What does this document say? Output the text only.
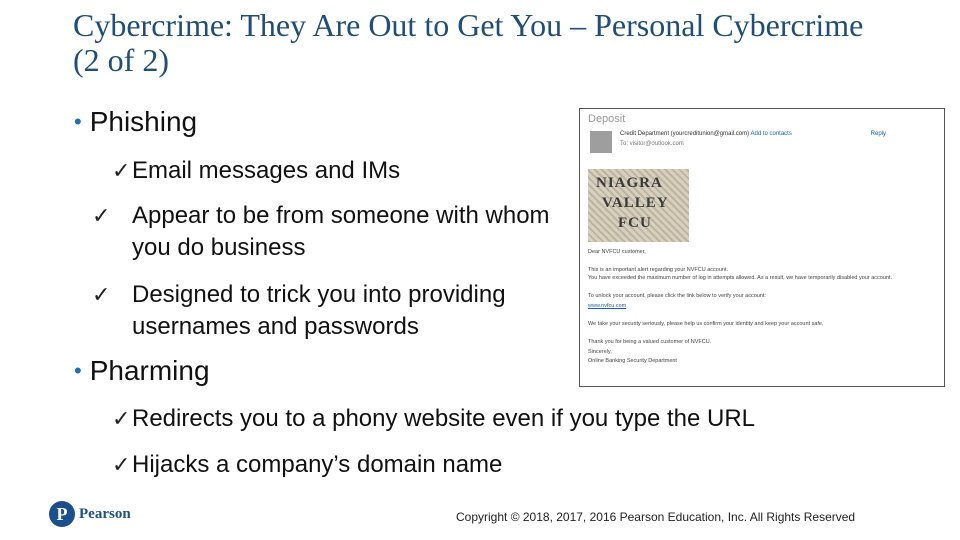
Cybercrime: They Are Out to Get You – Personal Cybercrime (2 of 2)
• Phishing
✓Email messages and IMs
✓ Appear to be from someone with whom you do business
✓ Designed to trick you into providing usernames and passwords
• Pharming
✓Redirects you to a phony website even if you type the URL
✓Hijacks a company’s domain name
Deposit
Credit Department (yourcreditunion@gmail.com) Add to contacts	Reply
To: visitor@outlook.com
NIAGRA
VALLEY
FCU
Dear NVFCU customer,
This is an important alert regarding your NVFCU account.
You have exceeded the maximum number of log in attempts allowed. As a result, we have temporarily disabled your account.
To unlock your account, please click the link below to verify your account:
www.nvfcu.com
We take your security seriously, please help us confirm your identity and keep your account safe.
Thank you for being a valued customer of NVFCU.
Sincerely,
Online Banking Security Department
P Pearson	Copyright © 2018, 2017, 2016 Pearson Education, Inc. All Rights Reserved
